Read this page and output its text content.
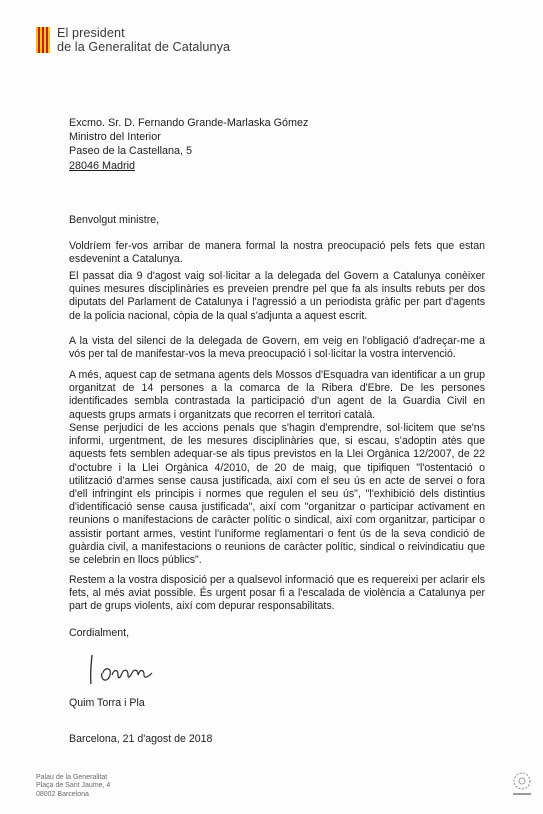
El president
de la Generalitat de Catalunya
Excmo. Sr. D. Fernando Grande-Marlaska Gómez
Ministro del Interior
Paseo de la Castellana, 5
28046 Madrid
Benvolgut ministre,
Voldríem fer-vos arribar de manera formal la nostra preocupació pels fets que estan esdevenint a Catalunya.
El passat dia 9 d'agost vaig sol·licitar a la delegada del Govern a Catalunya conèixer quines mesures disciplinàries es preveien prendre pel que fa als insults rebuts per dos diputats del Parlament de Catalunya i l'agressió a un periodista gràfic per part d'agents de la policia nacional, còpia de la qual s'adjunta a aquest escrit.
A la vista del silenci de la delegada de Govern, em veig en l'obligació d'adreçar-me a vós per tal de manifestar-vos la meva preocupació i sol·licitar la vostra intervenció.
A més, aquest cap de setmana agents dels Mossos d'Esquadra van identificar a un grup organitzat de 14 persones a la comarca de la Ribera d'Ebre. De les persones identificades sembla contrastada la participació d'un agent de la Guardia Civil en aquests grups armats i organitzats que recorren el territori català.
Sense perjudici de les accions penals que s'hagin d'emprendre, sol·licitem que se'ns informi, urgentment, de les mesures disciplinàries que, si escau, s'adoptin atès que aquests fets semblen adequar-se als tipus previstos en la Llei Orgànica 12/2007, de 22 d'octubre i la Llei Orgànica 4/2010, de 20 de maig, que tipifiquen "l'ostentació o utilització d'armes sense causa justificada, així com el seu ús en acte de servei o fora d'ell infringint els principis i normes que regulen el seu ús", "l'exhibició dels distintius d'identificació sense causa justificada", així com "organitzar o participar activament en reunions o manifestacions de caràcter polític o sindical, així com organitzar, participar o assistir portant armes, vestint l'uniforme reglamentari o fent ús de la seva condició de guàrdia civil, a manifestacions o reunions de caràcter polític, sindical o reivindicatiu que se celebrin en llocs públics".
Restem a la vostra disposició per a qualsevol informació que es requereixi per aclarir els fets, al més aviat possible. És urgent posar fi a l'escalada de violència a Catalunya per part de grups violents, així com depurar responsabilitats.
Cordialment,
Quim Torra i Pla
Barcelona, 21 d'agost de 2018
Palau de la Generalitat
Plaça de Sant Jaume, 4
08002 Barcelona
